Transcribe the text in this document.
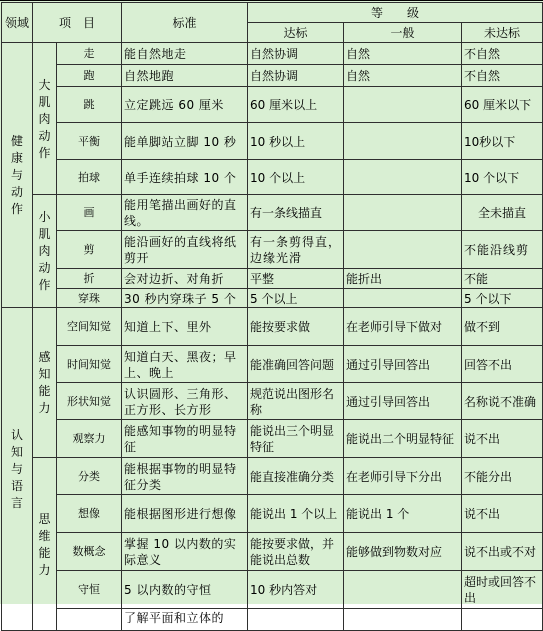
领域	项　目		标准	等　　级		
				达标	一般	未达标

健康与动作	大肌肉动作	走	能自然地走	自然协调	自然	不自然
		跑	自然地跑	自然协调	自然	不自然
		跳	立定跳远 60 厘米	60 厘米以上		60 厘米以下
		平衡	能单脚站立脚 10 秒	10 秒以上		10秒以下
		拍球	单手连续拍球 10 个	10 个以上		10 个以下

	小肌肉动作	画	能用笔描出画好的直线。	有一条线描直		全未描直
		剪	能沿画好的直线将纸剪开	有一条剪得直，边缘光滑		不能沿线剪
		折	会对边折、对角折	平整	能折出	不能
		穿珠	30 秒内穿珠子 5 个	5 个以上		5 个以下

认知与语言	感知能力	空间知觉	知道上下、里外	能按要求做	在老师引导下做对	做不到
		时间知觉	知道白天、黑夜；早上、晚上	能准确回答问题	通过引导回答出	回答不出
		形状知觉	认识圆形、三角形、正方形、长方形	规范说出图形名称	通过引导回答出	名称说不准确
		观察力	能感知事物的明显特征	能说出三个明显特征	能说出二个明显特征	说不出

	思维能力	分类	能根据事物的明显特征分类	能直接准确分类	在老师引导下分出	不能分出
		想像	能根据图形进行想像	能说出 1 个以上	能说出 1 个	说不出
		数概念	掌握 10 以内数的实际意义	能按要求做，并能说出总数	能够做到物数对应	说不出或不对
		守恒	5 以内数的守恒	10 秒内答对		超时或回答不出

			了解平面和立体的			
